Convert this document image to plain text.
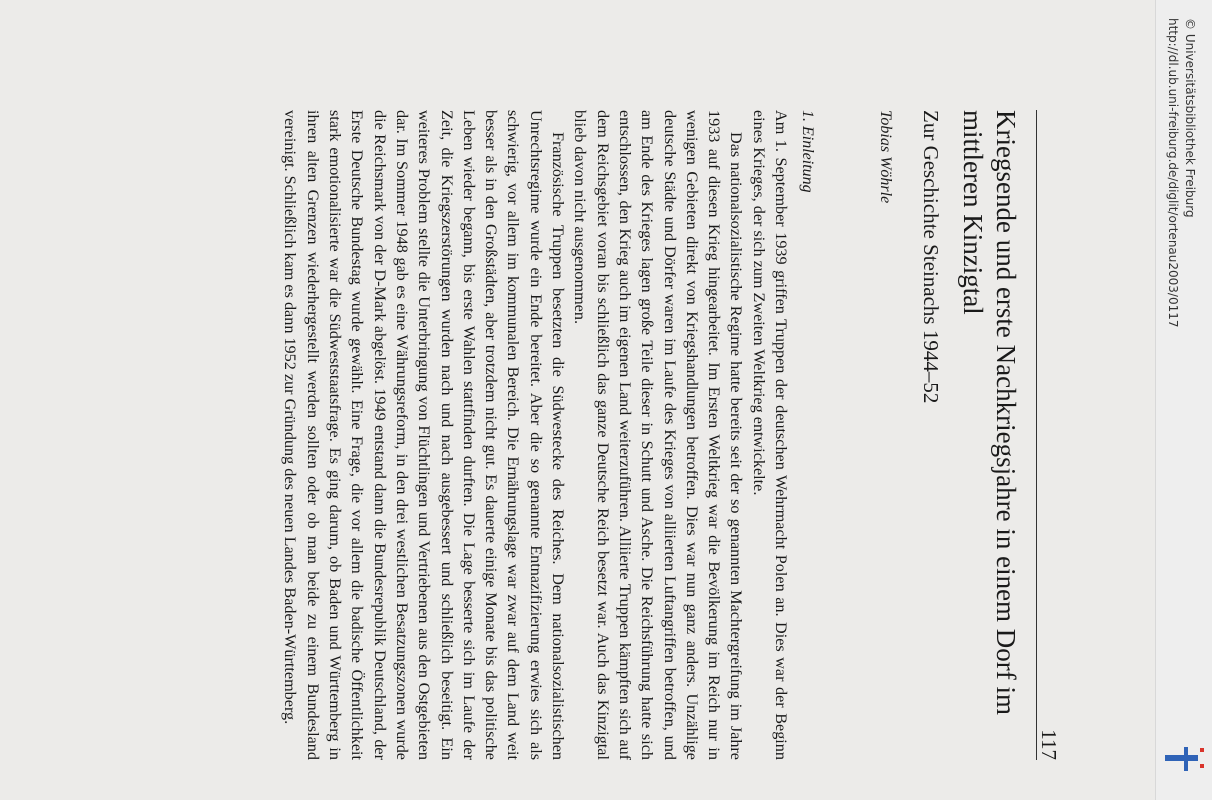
117
Kriegsende und erste Nachkriegsjahre in einem Dorf im mittleren Kinzigtal
Zur Geschichte Steinachs 1944–52
Tobias Wöhrle
1. Einleitung

Am 1. September 1939 griffen Truppen der deutschen Wehrmacht Polen an. Dies war der Beginn eines Krieges, der sich zum Zweiten Weltkrieg entwickelte.

Das nationalsozialistische Regime hatte bereits seit der so genannten Machtergreifung im Jahre 1933 auf diesen Krieg hingearbeitet. Im Ersten Weltkrieg war die Bevölkerung im Reich nur in wenigen Gebieten direkt von Kriegshandlungen betroffen. Dies war nun ganz anders. Unzählige deutsche Städte und Dörfer waren im Laufe des Krieges von alliierten Luftangriffen betroffen, und am Ende des Krieges lagen große Teile dieser in Schutt und Asche. Die Reichsführung hatte sich entschlossen, den Krieg auch im eigenen Land weiterzuführen. Alliierte Truppen kämpften sich auf dem Reichsgebiet voran bis schließlich das ganze Deutsche Reich besetzt war. Auch das Kinzigtal blieb davon nicht ausgenommen.

Französische Truppen besetzten die Südwestecke des Reiches. Dem nationalsozialistischen Unrechtsregime wurde ein Ende bereitet. Aber die so genannte Entnazifizierung erwies sich als schwierig, vor allem im kommunalen Bereich. Die Ernährungslage war zwar auf dem Land weit besser als in den Großstädten, aber trotzdem nicht gut. Es dauerte einige Monate bis das politische Leben wieder begann, bis erste Wahlen stattfinden durften. Die Lage besserte sich im Laufe der Zeit, die Kriegszerstörungen wurden nach und nach ausgebessert und schließlich beseitigt. Ein weiteres Problem stellte die Unterbringung von Flüchtlingen und Vertriebenen aus den Ostgebieten dar. Im Sommer 1948 gab es eine Währungsreform, in den drei westlichen Besatzungszonen wurde die Reichsmark von der D-Mark abgelöst. 1949 entstand dann die Bundesrepublik Deutschland, der Erste Deutsche Bundestag wurde gewählt. Eine Frage, die vor allem die badische Öffentlichkeit stark emotionalisierte war die Südweststaatsfrage. Es ging darum, ob Baden und Württemberg in ihren alten Grenzen wiederhergestellt werden sollten oder ob man beide zu einem Bundesland vereinigt. Schließlich kam es dann 1952 zur Gründung des neuen Landes Baden-Württemberg.	http://dl.ub.uni-freiburg.de/diglit/ortenau2003/0117 © Universitätsbibliothek Freiburg
